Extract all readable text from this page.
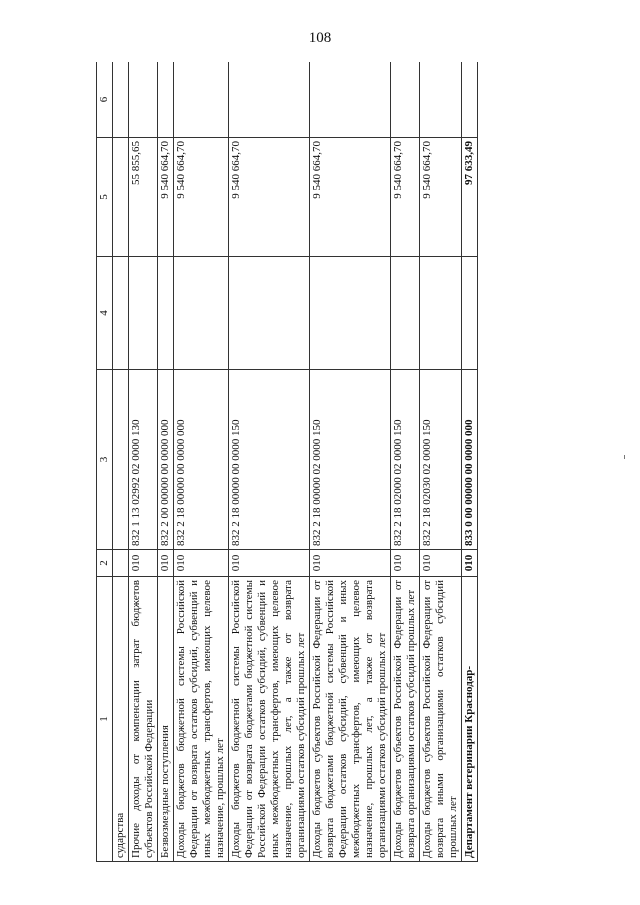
108
1	2	3	4	5	6
сударства					
Прочие доходы от компенсации затрат бюджетов субъектов Российской Федерации	010	832 1 13 02992 02 0000 130		55 855,65	
Безвозмездные поступления	010	832 2 00 00000 00 0000 000		9 540 664,70	
Доходы бюджетов бюджетной системы Российской Федерации от возврата остатков субсидий, субвенций и иных межбюджетных трансфертов, имеющих целевое назначение, прошлых лет	010	832 2 18 00000 00 0000 000		9 540 664,70	
Доходы бюджетов бюджетной системы Российской Федерации от возврата бюджетами бюджетной системы Российской Федерации остатков субсидий, субвенций и иных межбюджетных трансфертов, имеющих целевое назначение, прошлых лет, а также от возврата организациями остатков субсидий прошлых лет	010	832 2 18 00000 00 0000 150		9 540 664,70	
Доходы бюджетов субъектов Российской Федерации от возврата бюджетами бюджетной системы Российской Федерации остатков субсидий, субвенций и иных межбюджетных трансфертов, имеющих целевое назначение, прошлых лет, а также от возврата организациями остатков субсидий прошлых лет	010	832 2 18 00000 02 0000 150		9 540 664,70	
Доходы бюджетов субъектов Российской Федерации от возврата организациями остатков субсидий прошлых лет	010	832 2 18 02000 02 0000 150		9 540 664,70	
Доходы бюджетов субъектов Российской Федерации от возврата иными организациями остатков субсидий прошлых лет	010	832 2 18 02030 02 0000 150		9 540 664,70	
Департамент ветеринарии Краснодар-	010	833 0 00 00000 00 0000 000		97 633,49	
